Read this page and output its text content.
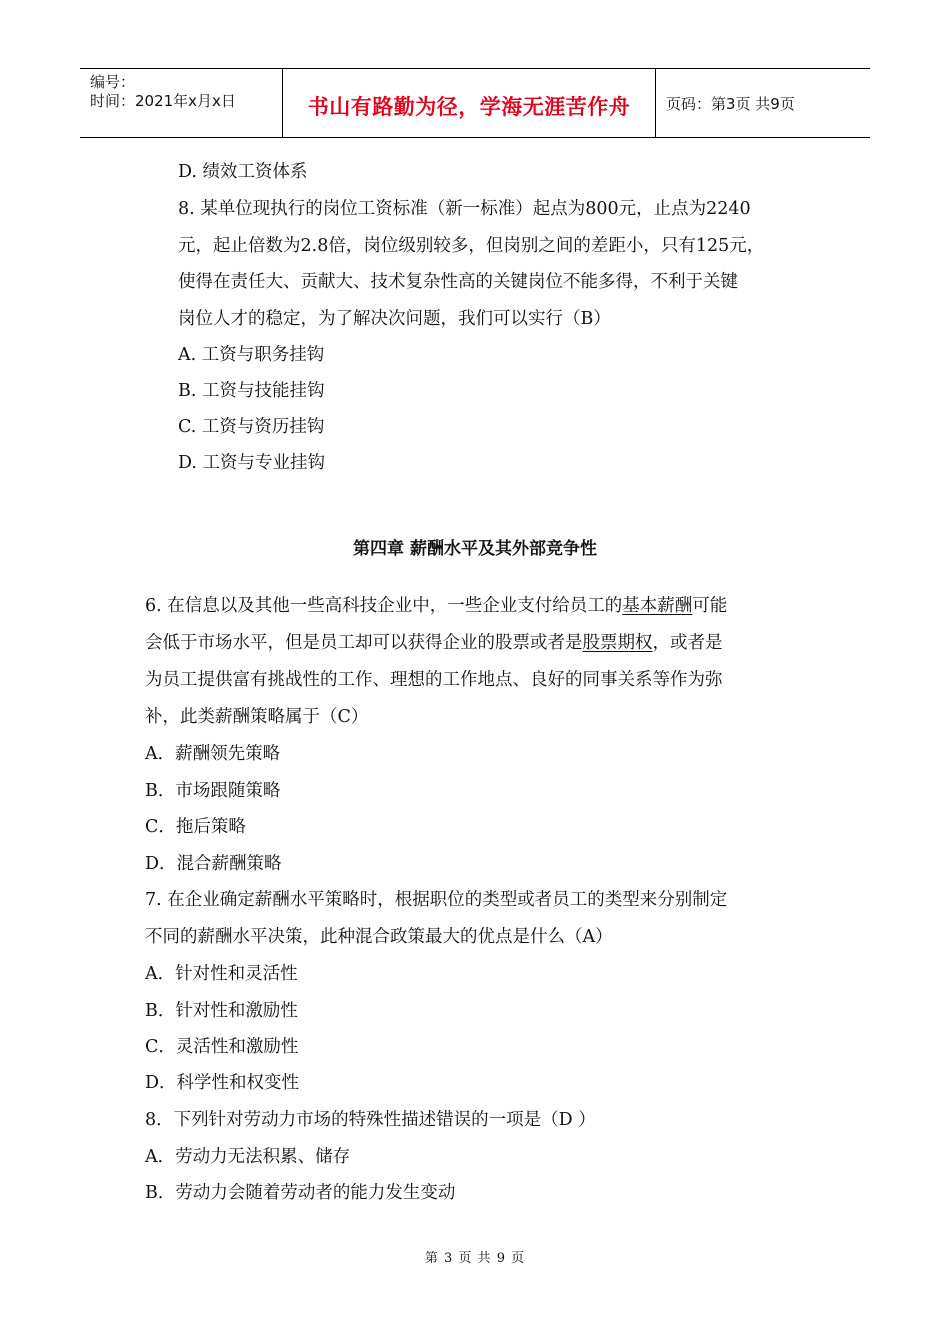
编号：
时间：2021年x月x日	书山有路勤为径，学海无涯苦作舟	页码：第3页 共9页
D. 绩效工资体系
8. 某单位现执行的岗位工资标准（新一标准）起点为800元，止点为2240
元，起止倍数为2.8倍，岗位级别较多，但岗别之间的差距小，只有125元，
使得在责任大、贡献大、技术复杂性高的关键岗位不能多得，不利于关键
岗位人才的稳定，为了解决次问题，我们可以实行（B）
A. 工资与职务挂钩
B. 工资与技能挂钩
C. 工资与资历挂钩
D. 工资与专业挂钩
第四章 薪酬水平及其外部竞争性
6. 在信息以及其他一些高科技企业中，一些企业支付给员工的基本薪酬可能
会低于市场水平，但是员工却可以获得企业的股票或者是股票期权，或者是
为员工提供富有挑战性的工作、理想的工作地点、良好的同事关系等作为弥
补，此类薪酬策略属于（C）
A．薪酬领先策略
B．市场跟随策略
C．拖后策略
D．混合薪酬策略
7. 在企业确定薪酬水平策略时，根据职位的类型或者员工的类型来分别制定
不同的薪酬水平决策，此种混合政策最大的优点是什么（A）
A．针对性和灵活性
B．针对性和激励性
C．灵活性和激励性
D．科学性和权变性
8．下列针对劳动力市场的特殊性描述错误的一项是（D ）
A．劳动力无法积累、储存
B．劳动力会随着劳动者的能力发生变动
第 3 页 共 9 页
